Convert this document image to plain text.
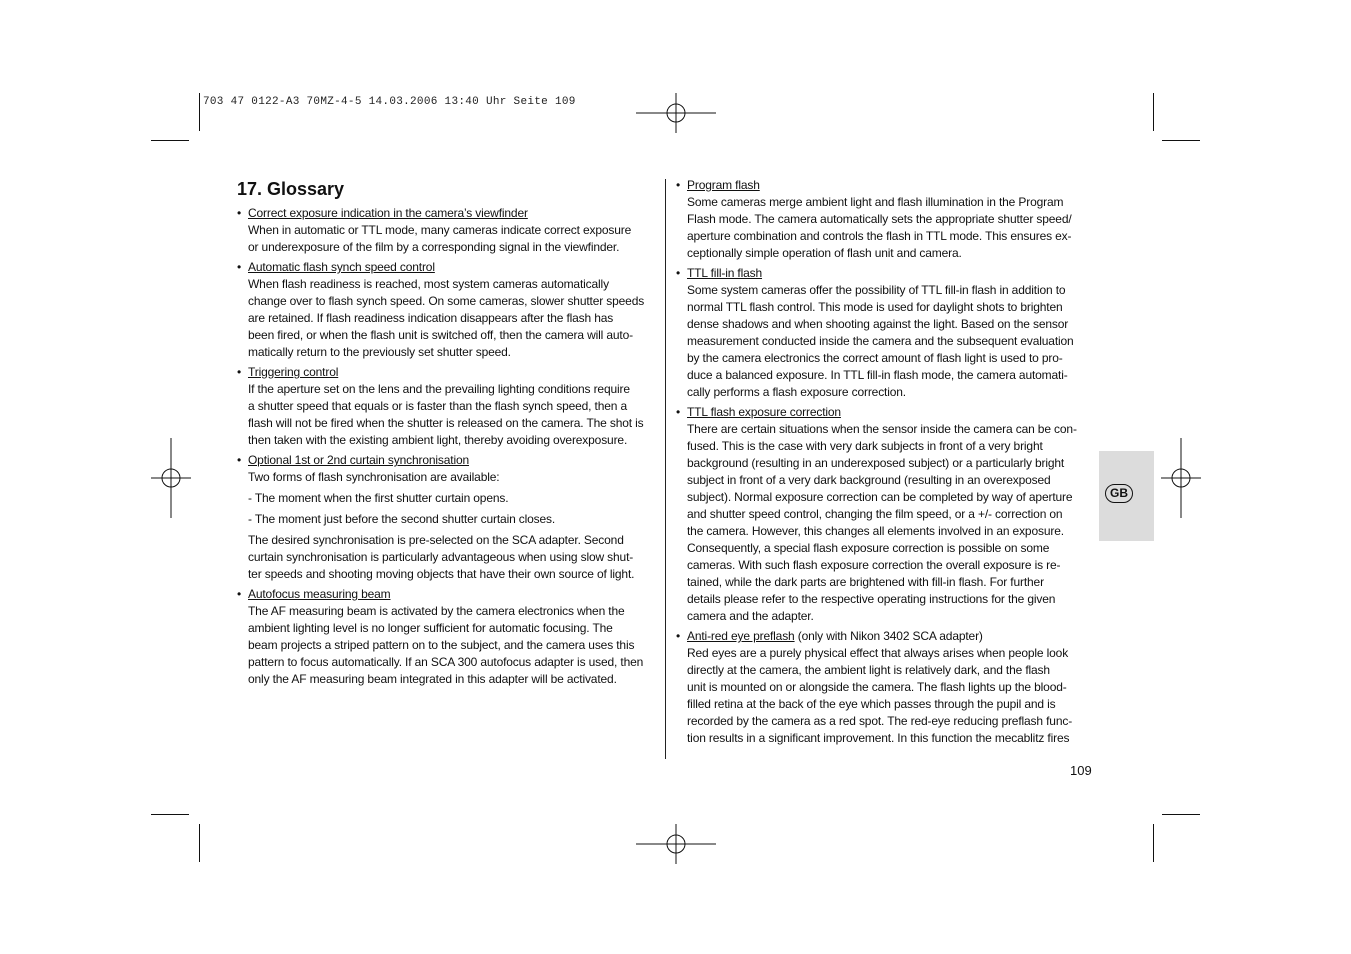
703 47 0122-A3 70MZ-4-5 14.03.2006 13:40 Uhr Seite 109
17. Glossary
• Correct exposure indication in the camera’s viewfinder

When in automatic or TTL mode, many cameras indicate correct exposure

or underexposure of the film by a corresponding signal in the viewfinder.

• Automatic flash synch speed control

When flash readiness is reached, most system cameras automatically

change over to flash synch speed. On some cameras, slower shutter speeds

are retained. If flash readiness indication disappears after the flash has

been fired, or when the flash unit is switched off, then the camera will auto-

matically return to the previously set shutter speed.

• Triggering control

If the aperture set on the lens and the prevailing lighting conditions require

a shutter speed that equals or is faster than the flash synch speed, then a

flash will not be fired when the shutter is released on the camera. The shot is

then taken with the existing ambient light, thereby avoiding overexposure.

• Optional 1st or 2nd curtain synchronisation

Two forms of flash synchronisation are available:

- The moment when the first shutter curtain opens.

- The moment just before the second shutter curtain closes.

The desired synchronisation is pre-selected on the SCA adapter. Second

curtain synchronisation is particularly advantageous when using slow shut-

ter speeds and shooting moving objects that have their own source of light.

• Autofocus measuring beam

The AF measuring beam is activated by the camera electronics when the

ambient lighting level is no longer sufficient for automatic focusing. The

beam projects a striped pattern on to the subject, and the camera uses this

pattern to focus automatically. If an SCA 300 autofocus adapter is used, then

only the AF measuring beam integrated in this adapter will be activated.

• Program flash

Some cameras merge ambient light and flash illumination in the Program

Flash mode. The camera automatically sets the appropriate shutter speed/

aperture combination and controls the flash in TTL mode. This ensures ex-

ceptionally simple operation of flash unit and camera.

• TTL fill-in flash

Some system cameras offer the possibility of TTL fill-in flash in addition to

normal TTL flash control. This mode is used for daylight shots to brighten

dense shadows and when shooting against the light. Based on the sensor

measurement conducted inside the camera and the subsequent evaluation

by the camera electronics the correct amount of flash light is used to pro-

duce a balanced exposure. In TTL fill-in flash mode, the camera automati-

cally performs a flash exposure correction.

• TTL flash exposure correction

There are certain situations when the sensor inside the camera can be con-

fused. This is the case with very dark subjects in front of a very bright

background (resulting in an underexposed subject) or a particularly bright

subject in front of a very dark background (resulting in an overexposed

subject). Normal exposure correction can be completed by way of aperture

and shutter speed control, changing the film speed, or a +/- correction on

the camera. However, this changes all elements involved in an exposure.

Consequently, a special flash exposure correction is possible on some

cameras. With such flash exposure correction the overall exposure is re-

tained, while the dark parts are brightened with fill-in flash. For further

details please refer to the respective operating instructions for the given

camera and the adapter.

• Anti-red eye preflash (only with Nikon 3402 SCA adapter)

Red eyes are a purely physical effect that always arises when people look

directly at the camera, the ambient light is relatively dark, and the flash

unit is mounted on or alongside the camera. The flash lights up the blood-

filled retina at the back of the eye which passes through the pupil and is

recorded by the camera as a red spot. The red-eye reducing preflash func-

tion results in a significant improvement. In this function the mecablitz fires

GB
109
